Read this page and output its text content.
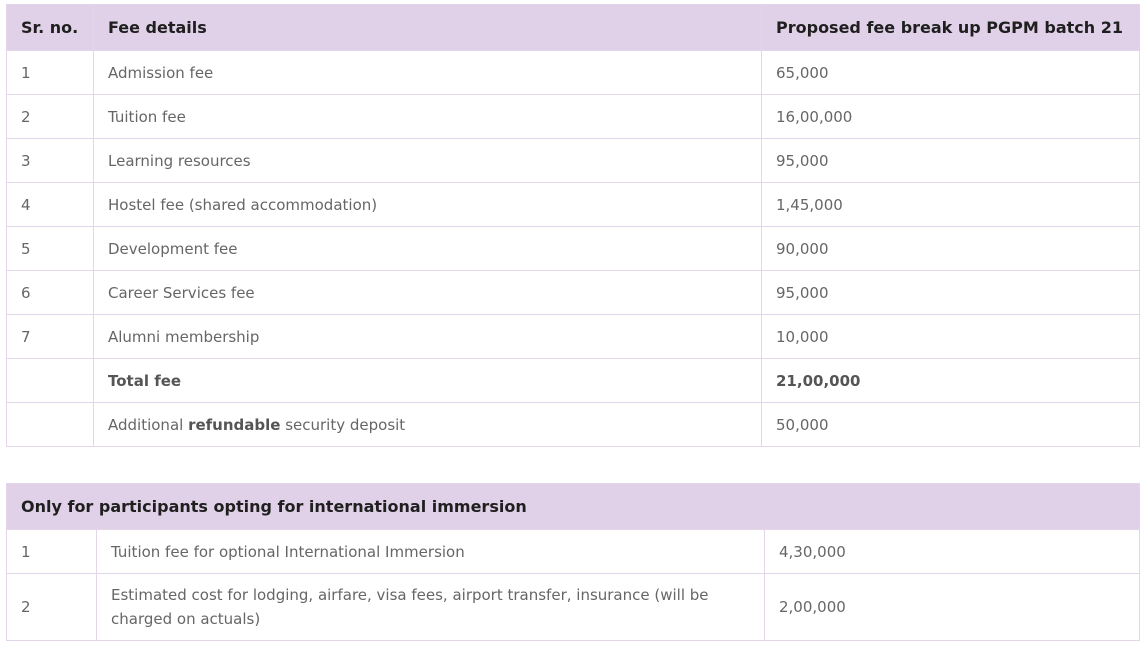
Sr. no.	Fee details	Proposed fee break up PGPM batch 21
1	Admission fee	65,000
2	Tuition fee	16,00,000
3	Learning resources	95,000
4	Hostel fee (shared accommodation)	1,45,000
5	Development fee	90,000
6	Career Services fee	95,000
7	Alumni membership	10,000
	Total fee	21,00,000
	Additional refundable security deposit	50,000
Only for participants opting for international immersion		
1	Tuition fee for optional International Immersion	4,30,000
2	Estimated cost for lodging, airfare, visa fees, airport transfer, insurance (will be charged on actuals)	2,00,000
